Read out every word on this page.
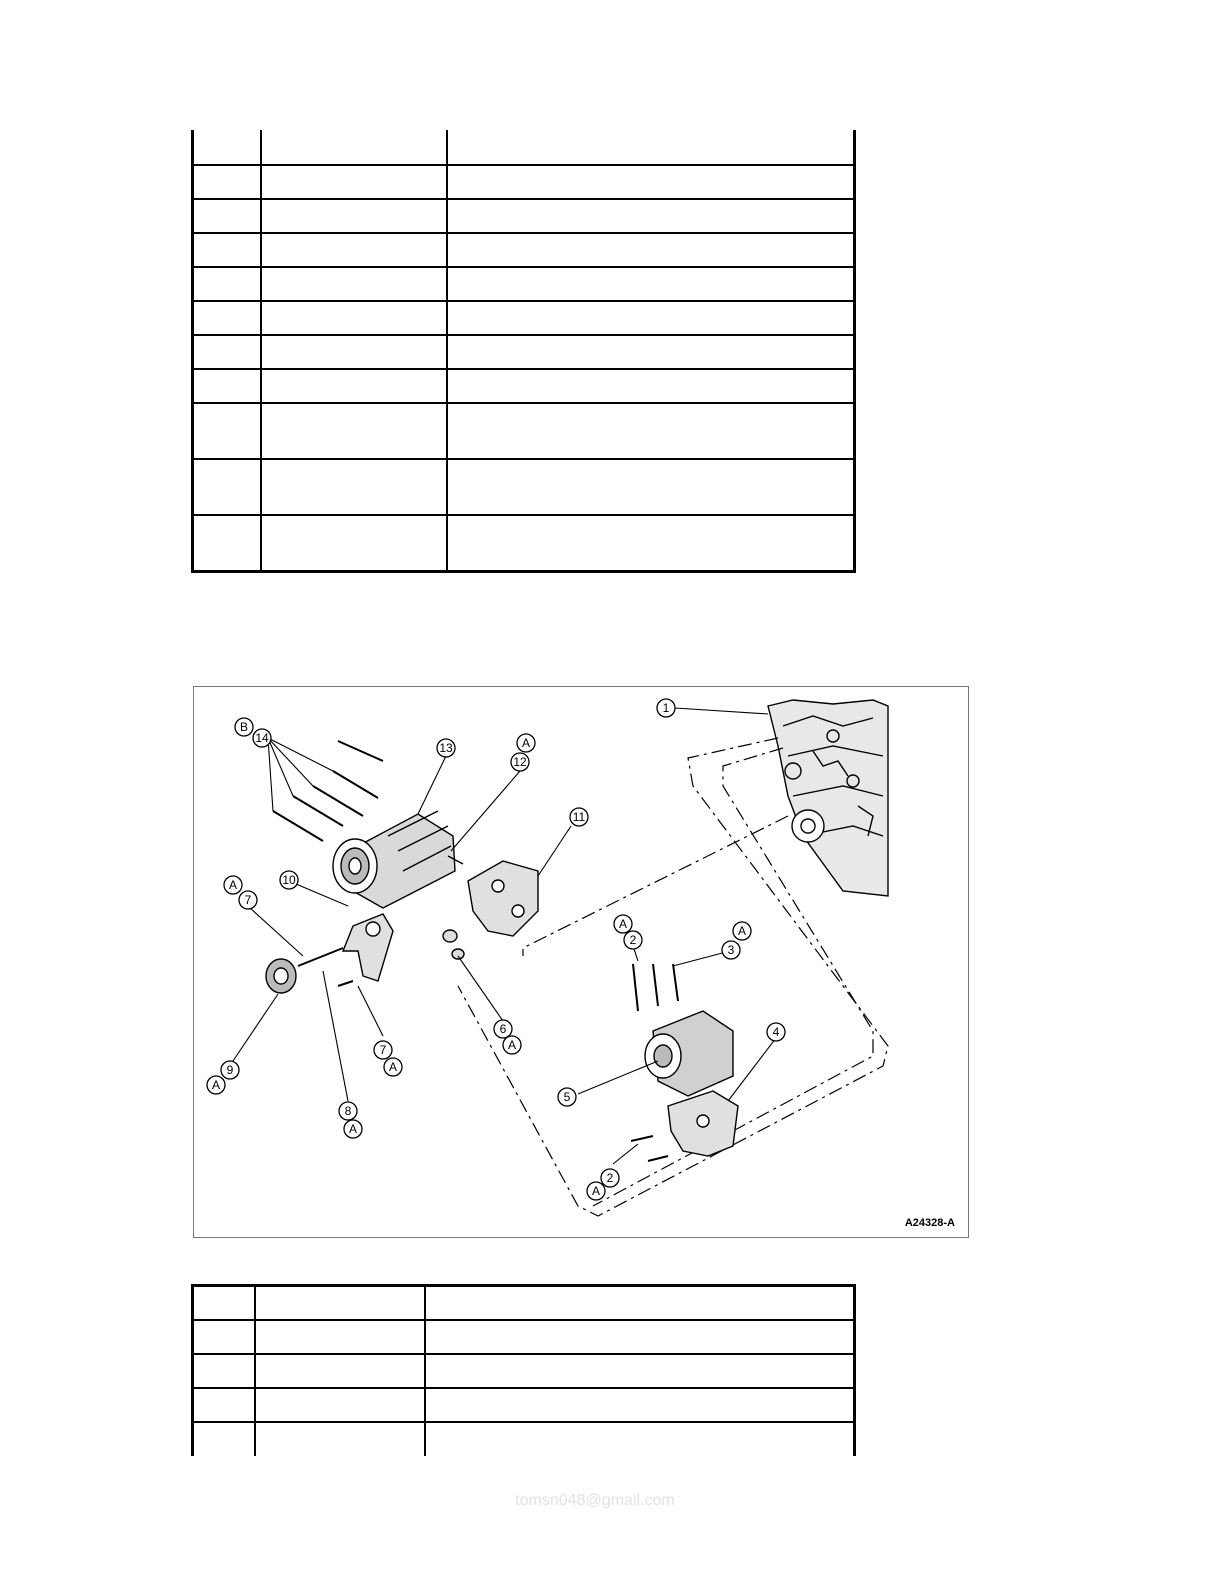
1
13
12
11
14
10
7
9
8
7
6
2
3
4
5
2
B
A
A
A
A
A
A
A	A
A
A24328-A

tomsn048@gmail.com
